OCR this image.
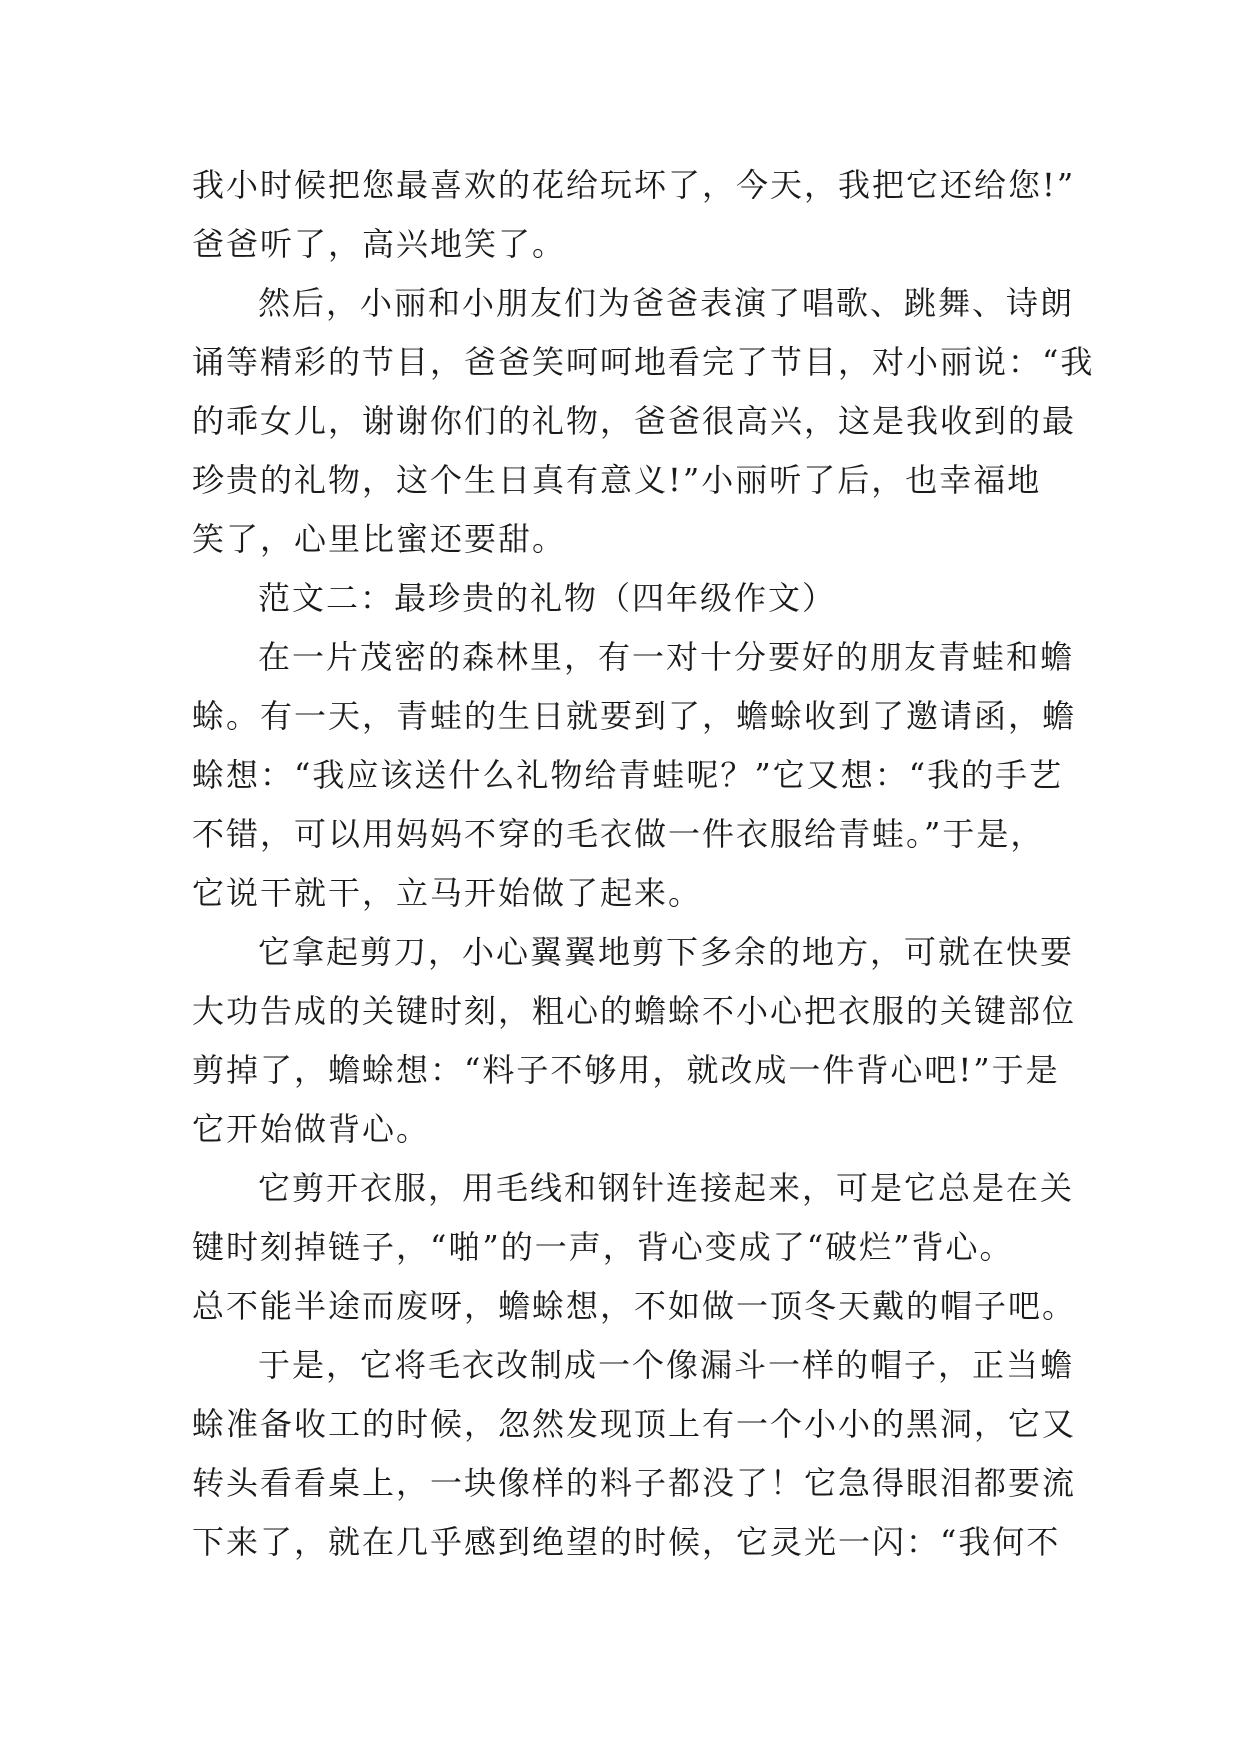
我小时候把您最喜欢的花给玩坏了，今天，我把它还给您!”
爸爸听了，高兴地笑了。
然后，小丽和小朋友们为爸爸表演了唱歌、跳舞、诗朗
诵等精彩的节目，爸爸笑呵呵地看完了节目，对小丽说：“我
的乖女儿，谢谢你们的礼物，爸爸很高兴，这是我收到的最
珍贵的礼物，这个生日真有意义!”小丽听了后，也幸福地
笑了，心里比蜜还要甜。
范文二：最珍贵的礼物（四年级作文）
在一片茂密的森林里，有一对十分要好的朋友青蛙和蟾
蜍。有一天，青蛙的生日就要到了，蟾蜍收到了邀请函，蟾
蜍想：“我应该送什么礼物给青蛙呢？”它又想：“我的手艺
不错，可以用妈妈不穿的毛衣做一件衣服给青蛙。”于是，
它说干就干，立马开始做了起来。
它拿起剪刀，小心翼翼地剪下多余的地方，可就在快要
大功告成的关键时刻，粗心的蟾蜍不小心把衣服的关键部位
剪掉了，蟾蜍想：“料子不够用，就改成一件背心吧!”于是
它开始做背心。
它剪开衣服，用毛线和钢针连接起来，可是它总是在关
键时刻掉链子，“啪”的一声，背心变成了“破烂”背心。
总不能半途而废呀，蟾蜍想，不如做一顶冬天戴的帽子吧。
于是，它将毛衣改制成一个像漏斗一样的帽子，正当蟾
蜍准备收工的时候，忽然发现顶上有一个小小的黑洞，它又
转头看看桌上，一块像样的料子都没了！它急得眼泪都要流
下来了，就在几乎感到绝望的时候，它灵光一闪：“我何不
